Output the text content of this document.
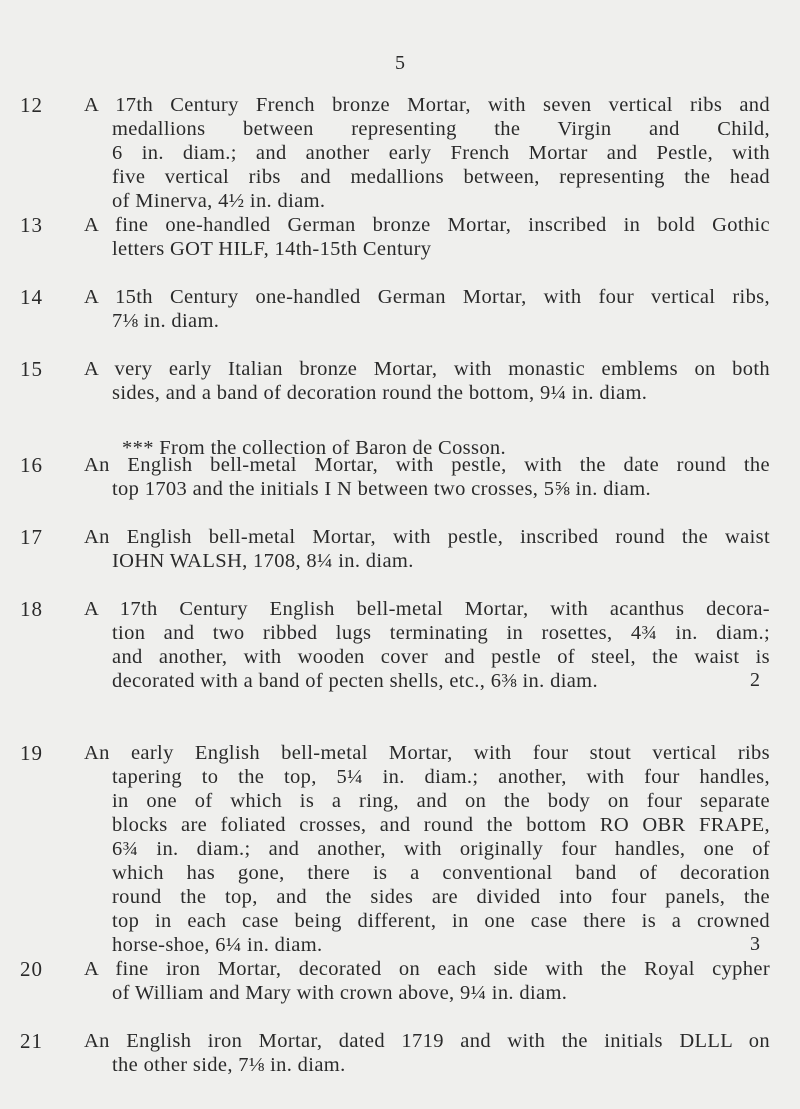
5
12	A 17th Century French bronze Mortar, with seven vertical ribs and
medallions between representing the Virgin and Child,
6 in. diam.; and another early French Mortar and Pestle, with
five vertical ribs and medallions between, representing the head
of Minerva, 4½ in. diam.
13	A fine one-handled German bronze Mortar, inscribed in bold Gothic
letters GOT HILF, 14th-15th Century
14	A 15th Century one-handled German Mortar, with four vertical ribs,
7⅛ in. diam.
15	A very early Italian bronze Mortar, with monastic emblems on both
sides, and a band of decoration round the bottom, 9¼ in. diam.
*** From the collection of Baron de Cosson.
16	An English bell-metal Mortar, with pestle, with the date round the
top 1703 and the initials I N between two crosses, 5⅝ in. diam.
17	An English bell-metal Mortar, with pestle, inscribed round the waist
IOHN WALSH, 1708, 8¼ in. diam.
18	A 17th Century English bell-metal Mortar, with acanthus decora-
tion and two ribbed lugs terminating in rosettes, 4¾ in. diam.;
and another, with wooden cover and pestle of steel, the waist is
decorated with a band of pecten shells, etc., 6⅜ in. diam.	2
19	An early English bell-metal Mortar, with four stout vertical ribs
tapering to the top, 5¼ in. diam.; another, with four handles,
in one of which is a ring, and on the body on four separate
blocks are foliated crosses, and round the bottom RO OBR FRAPE,
6¾ in. diam.; and another, with originally four handles, one of
which has gone, there is a conventional band of decoration
round the top, and the sides are divided into four panels, the
top in each case being different, in one case there is a crowned
horse-shoe, 6¼ in. diam.	3
20	A fine iron Mortar, decorated on each side with the Royal cypher
of William and Mary with crown above, 9¼ in. diam.
21	An English iron Mortar, dated 1719 and with the initials DLLL on
the other side, 7⅛ in. diam.
